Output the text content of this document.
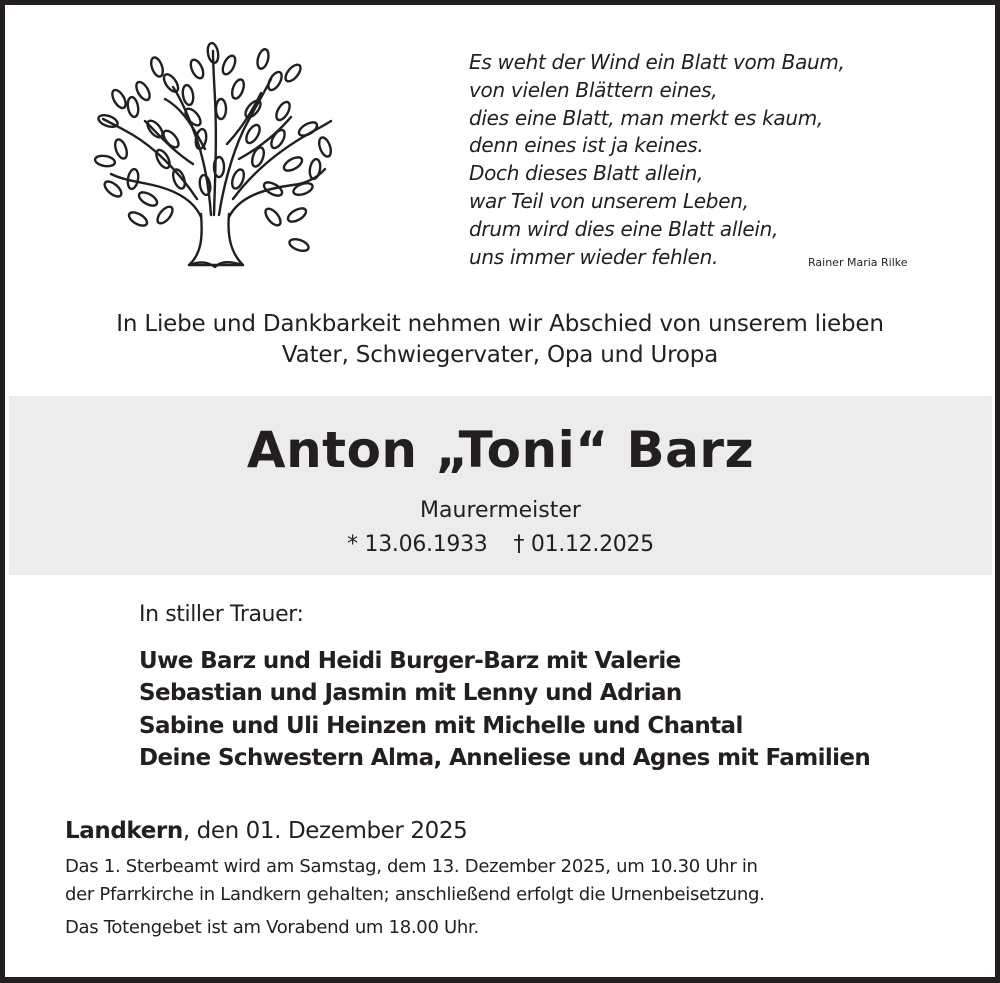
Es weht der Wind ein Blatt vom Baum,
von vielen Blättern eines,
dies eine Blatt, man merkt es kaum,
denn eines ist ja keines.
Doch dieses Blatt allein,
war Teil von unserem Leben,
drum wird dies eine Blatt allein,
uns immer wieder fehlen.	Rainer Maria Rilke
In Liebe und Dankbarkeit nehmen wir Abschied von unserem lieben
Vater, Schwiegervater, Opa und Uropa
Anton „Toni“ Barz
Maurermeister
* 13.06.1933 † 01.12.2025
In stiller Trauer:
Uwe Barz und Heidi Burger-Barz mit Valerie
Sebastian und Jasmin mit Lenny und Adrian
Sabine und Uli Heinzen mit Michelle und Chantal
Deine Schwestern Alma, Anneliese und Agnes mit Familien
Landkern, den 01. Dezember 2025
Das 1. Sterbeamt wird am Samstag, dem 13. Dezember 2025, um 10.30 Uhr in
der Pfarrkirche in Landkern gehalten; anschließend erfolgt die Urnenbeisetzung.
Das Totengebet ist am Vorabend um 18.00 Uhr.
